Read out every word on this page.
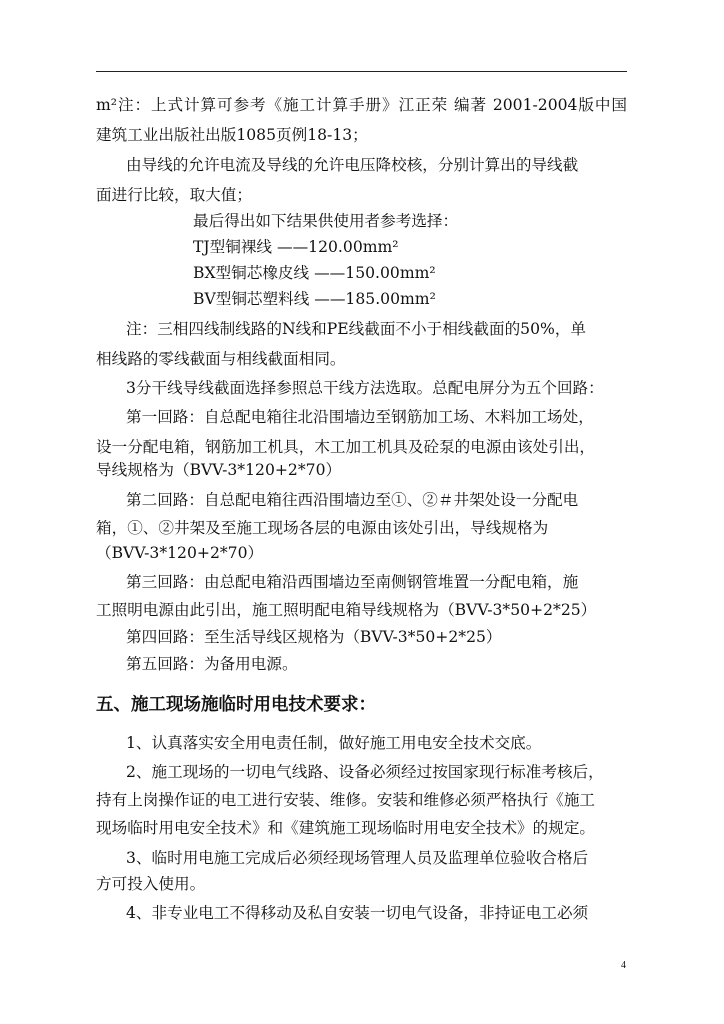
m²注：上式计算可参考《施工计算手册》江正荣 编著 2001-2004版中国
建筑工业出版社出版1085页例18-13；
由导线的允许电流及导线的允许电压降校核，分别计算出的导线截
面进行比较，取大值；
最后得出如下结果供使用者参考选择：
TJ型铜裸线 ——120.00mm²
BX型铜芯橡皮线 ——150.00mm²
BV型铜芯塑料线 ——185.00mm²
注：三相四线制线路的N线和PE线截面不小于相线截面的50%，单
相线路的零线截面与相线截面相同。
3分干线导线截面选择参照总干线方法选取。总配电屏分为五个回路：
第一回路：自总配电箱往北沿围墙边至钢筋加工场、木料加工场处，
设一分配电箱，钢筋加工机具，木工加工机具及砼泵的电源由该处引出，
导线规格为（BVV-3*120+2*70）
第二回路：自总配电箱往西沿围墙边至①、②＃井架处设一分配电
箱，①、②井架及至施工现场各层的电源由该处引出，导线规格为
（BVV-3*120+2*70）
第三回路：由总配电箱沿西围墙边至南侧钢管堆置一分配电箱，施
工照明电源由此引出，施工照明配电箱导线规格为（BVV-3*50+2*25）
第四回路：至生活导线区规格为（BVV-3*50+2*25）
第五回路：为备用电源。
五、施工现场施临时用电技术要求：
1、认真落实安全用电责任制，做好施工用电安全技术交底。
2、施工现场的一切电气线路、设备必须经过按国家现行标准考核后，
持有上岗操作证的电工进行安装、维修。安装和维修必须严格执行《施工
现场临时用电安全技术》和《建筑施工现场临时用电安全技术》的规定。
3、临时用电施工完成后必须经现场管理人员及监理单位验收合格后
方可投入使用。
4、非专业电工不得移动及私自安装一切电气设备，非持证电工必须
4
